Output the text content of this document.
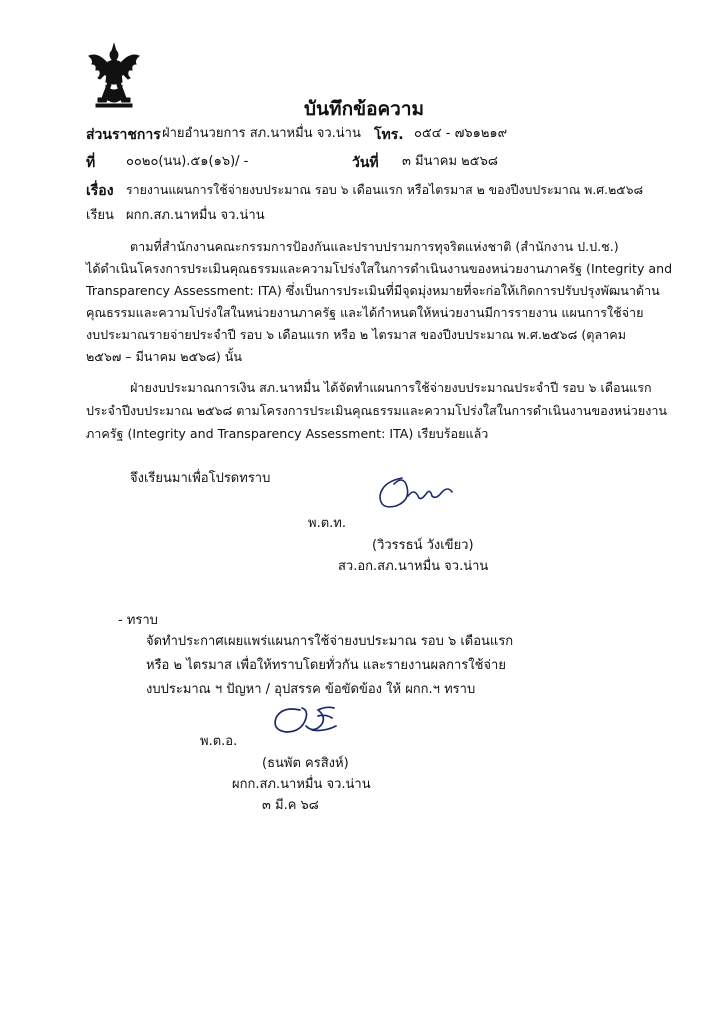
บันทึกข้อความ
ส่วนราชการ ฝ่ายอำนวยการ สภ.นาหมื่น จว.น่าน โทร. ๐๕๔ - ๗๖๑๒๑๙
ที่ ๐๐๒๐(นน).๕๑(๑๖)/ -	วันที่ ๓ มีนาคม ๒๕๖๘
เรื่อง รายงานแผนการใช้จ่ายงบประมาณ รอบ ๖ เดือนแรก หรือไตรมาส ๒ ของปีงบประมาณ พ.ศ.๒๕๖๘
เรียน ผกก.สภ.นาหมื่น จว.น่าน
ตามที่สำนักงานคณะกรรมการป้องกันและปราบปรามการทุจริตแห่งชาติ (สำนักงาน ป.ป.ช.)
ได้ดำเนินโครงการประเมินคุณธรรมและความโปร่งใสในการดำเนินงานของหน่วยงานภาครัฐ (Integrity and
Transparency Assessment: ITA) ซึ่งเป็นการประเมินที่มีจุดมุ่งหมายที่จะก่อให้เกิดการปรับปรุงพัฒนาด้าน
คุณธรรมและความโปร่งใสในหน่วยงานภาครัฐ และได้กำหนดให้หน่วยงานมีการรายงาน แผนการใช้จ่าย
งบประมาณรายจ่ายประจำปี รอบ ๖ เดือนแรก หรือ ๒ ไตรมาส ของปีงบประมาณ พ.ศ.๒๕๖๘ (ตุลาคม
๒๕๖๗ – มีนาคม ๒๕๖๘) นั้น
ฝ่ายงบประมาณการเงิน สภ.นาหมื่น ได้จัดทำแผนการใช้จ่ายงบประมาณประจำปี รอบ ๖ เดือนแรก
ประจำปีงบประมาณ ๒๕๖๘ ตามโครงการประเมินคุณธรรมและความโปร่งใสในการดำเนินงานของหน่วยงาน
ภาครัฐ (Integrity and Transparency Assessment: ITA) เรียบร้อยแล้ว
จึงเรียนมาเพื่อโปรดทราบ
พ.ต.ท.
(วิวรรธน์ วังเขียว)
สว.อก.สภ.นาหมื่น จว.น่าน
- ทราบ
จัดทำประกาศเผยแพร่แผนการใช้จ่ายงบประมาณ รอบ ๖ เดือนแรก
หรือ ๒ ไตรมาส เพื่อให้ทราบโดยทั่วกัน และรายงานผลการใช้จ่าย
งบประมาณ ฯ ปัญหา / อุปสรรค ข้อขัดข้อง ให้ ผกก.ฯ ทราบ
พ.ต.อ.
(ธนพัต ครสิงห์)
ผกก.สภ.นาหมื่น จว.น่าน
๓ มี.ค ๖๘
